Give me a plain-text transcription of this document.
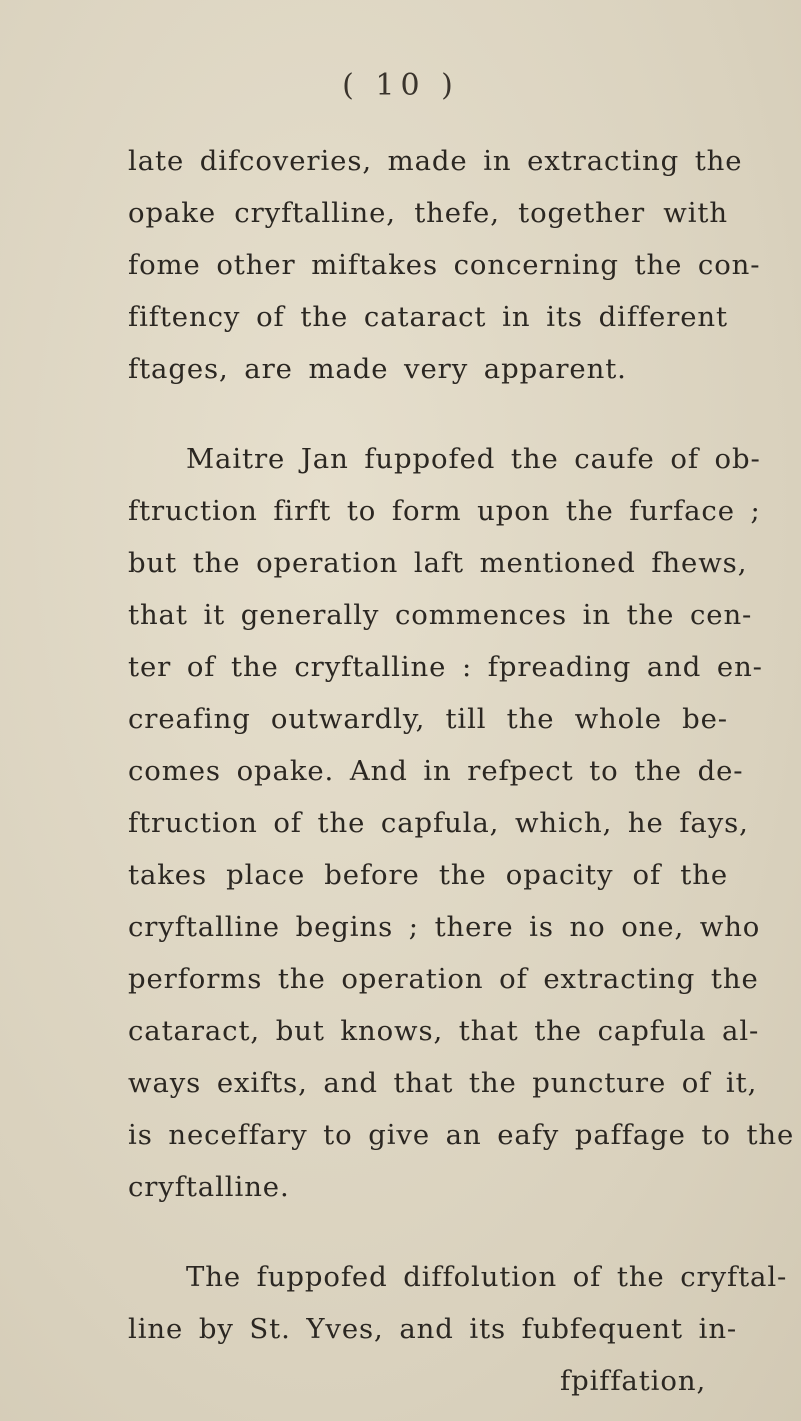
( 10 )
late difcoveries, made in extracting the
opake cryftalline, thefe, together with
fome other miftakes concerning the con-
fiftency of the cataract in its different
ftages, are made very apparent.
Maitre Jan fuppofed the caufe of ob-
ftruction firft to form upon the furface ;
but the operation laft mentioned fhews,
that it generally commences in the cen-
ter of the cryftalline : fpreading and en-
creafing outwardly, till the whole be-
comes opake. And in refpect to the de-
ftruction of the capfula, which, he fays,
takes place before the opacity of the
cryftalline begins ; there is no one, who
performs the operation of extracting the
cataract, but knows, that the capfula al-
ways exifts, and that the puncture of it,
is neceffary to give an eafy paffage to the
cryftalline.
The fuppofed diffolution of the cryftal-
line by St. Yves, and its fubfequent in-
fpiffation,
